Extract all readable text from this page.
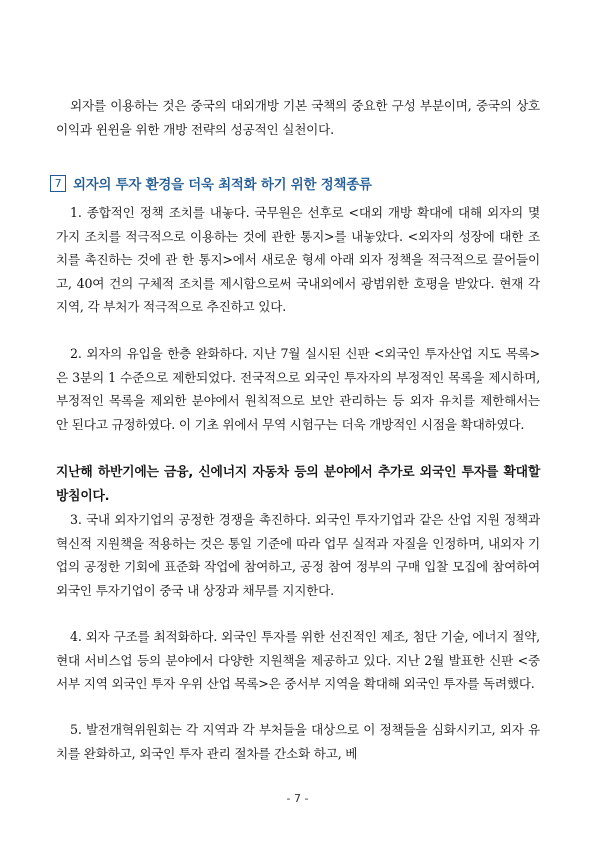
외자를 이용하는 것은 중국의 대외개방 기본 국책의 중요한 구성 부분이며, 중국의 상호 이익과 윈윈을 위한 개방 전략의 성공적인 실천이다.
7 외자의 투자 환경을 더욱 최적화 하기 위한 정책종류
1. 종합적인 정책 조치를 내놓다. 국무원은 선후로 <대외 개방 확대에 대해 외자의 몇 가지 조치를 적극적으로 이용하는 것에 관한 통지>를 내놓았다. <외자의 성장에 대한 조치를 촉진하는 것에 관 한 통지>에서 새로운 형세 아래 외자 정책을 적극적으로 끌어들이고, 40여 건의 구체적 조치를 제시함으로써 국내외에서 광범위한 호평을 받았다. 현재 각 지역, 각 부처가 적극적으로 추진하고 있다.
2. 외자의 유입을 한층 완화하다. 지난 7월 실시된 신판 <외국인 투자산업 지도 목록>은 3분의 1 수준으로 제한되었다. 전국적으로 외국인 투자자의 부정적인 목록을 제시하며, 부정적인 목록을 제외한 분야에서 원칙적으로 보안 관리하는 등 외자 유치를 제한해서는 안 된다고 규정하였다. 이 기초 위에서 무역 시험구는 더욱 개방적인 시점을 확대하였다.
지난해 하반기에는 금융, 신에너지 자동차 등의 분야에서 추가로 외국인 투자를 확대할 방침이다.
3. 국내 외자기업의 공정한 경쟁을 촉진하다. 외국인 투자기업과 같은 산업 지원 정책과 혁신적 지원책을 적용하는 것은 통일 기준에 따라 업무 실적과 자질을 인정하며, 내외자 기업의 공정한 기회에 표준화 작업에 참여하고, 공정 참여 정부의 구매 입찰 모집에 참여하여 외국인 투자기업이 중국 내 상장과 채무를 지지한다.
4. 외자 구조를 최적화하다. 외국인 투자를 위한 선진적인 제조, 첨단 기술, 에너지 절약, 현대 서비스업 등의 분야에서 다양한 지원책을 제공하고 있다. 지난 2월 발표한 신판 <중서부 지역 외국인 투자 우위 산업 목록>은 중서부 지역을 확대해 외국인 투자를 독려했다.
5. 발전개혁위원회는 각 지역과 각 부처들을 대상으로 이 정책들을 심화시키고, 외자 유치를 완화하고, 외국인 투자 관리 절차를 간소화 하고, 베
- 7 -
